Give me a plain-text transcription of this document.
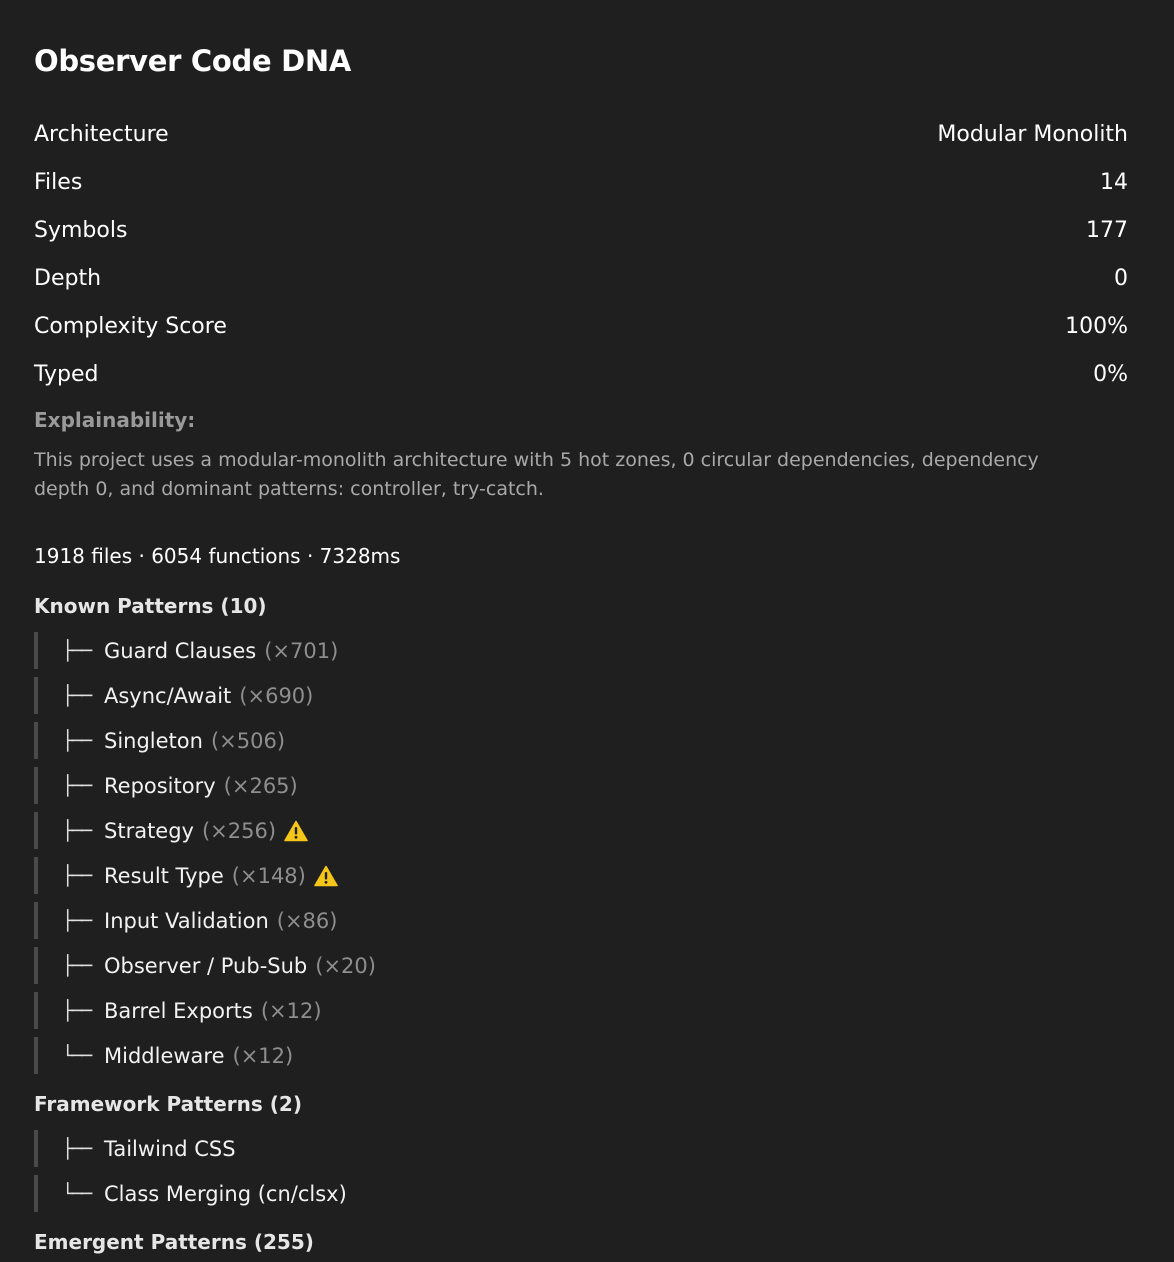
Observer Code DNA
Architecture	Modular Monolith
Files	14
Symbols	177
Depth	0
Complexity Score	100%
Typed	0%
Explainability:
This project uses a modular-monolith architecture with 5 hot zones, 0 circular dependencies, dependency depth 0, and dominant patterns: controller, try-catch.
1918 files · 6054 functions · 7328ms
Known Patterns (10)
├── Guard Clauses (×701)
├── Async/Await (×690)
├── Singleton (×506)
├── Repository (×265)
├── Strategy (×256)
├── Result Type (×148)
├── Input Validation (×86)
├── Observer / Pub-Sub (×20)
├── Barrel Exports (×12)
└── Middleware (×12)
Framework Patterns (2)
├── Tailwind CSS
└── Class Merging (cn/clsx)
Emergent Patterns (255)
